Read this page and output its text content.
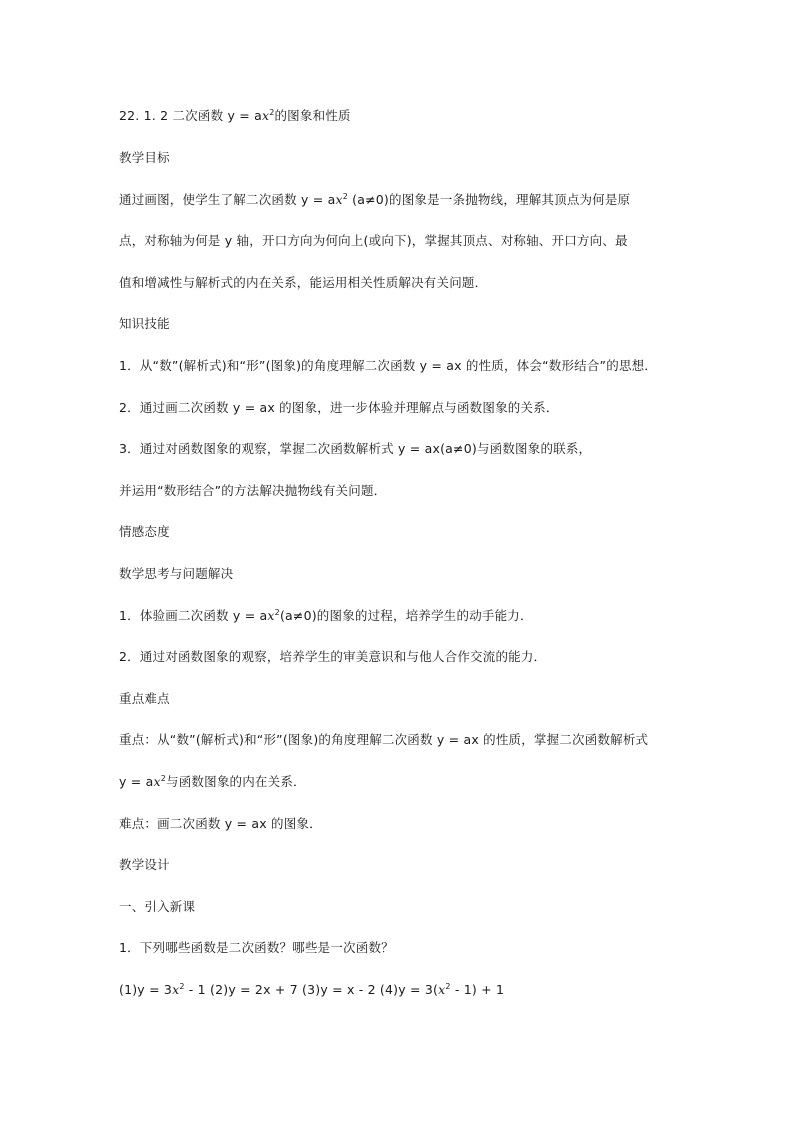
22. 1. 2 二次函数 $y = ax^2$的图象和性质
教学目标
通过画图，使学生了解二次函数 $y = ax^2$ (a≠0)的图象是一条抛物线，理解其顶点为何是原
点，对称轴为何是 y 轴，开口方向为何向上(或向下)，掌握其顶点、对称轴、开口方向、最
值和增减性与解析式的内在关系，能运用相关性质解决有关问题．
知识技能
1．从“数”(解析式)和“形”(图象)的角度理解二次函数 y = ax 的性质，体会“数形结合”的思想．
2．通过画二次函数 y = ax 的图象，进一步体验并理解点与函数图象的关系．
3．通过对函数图象的观察，掌握二次函数解析式 y = ax(a≠0)与函数图象的联系，
并运用“数形结合”的方法解决抛物线有关问题．
情感态度
数学思考与问题解决
1．体验画二次函数 $y = ax^2(a\ne 0)$的图象的过程，培养学生的动手能力．
2．通过对函数图象的观察，培养学生的审美意识和与他人合作交流的能力．
重点难点
重点：从“数”(解析式)和“形”(图象)的角度理解二次函数 y = ax 的性质，掌握二次函数解析式
$y = ax^2$与函数图象的内在关系．
难点：画二次函数 y = ax 的图象．
教学设计
一、引入新课
1．下列哪些函数是二次函数？哪些是一次函数？
$(1)y = 3x^2 - 1$ (2)y = 2x + 7 (3)y = x - 2 $(4)y = 3(x^2 - 1) + 1$
